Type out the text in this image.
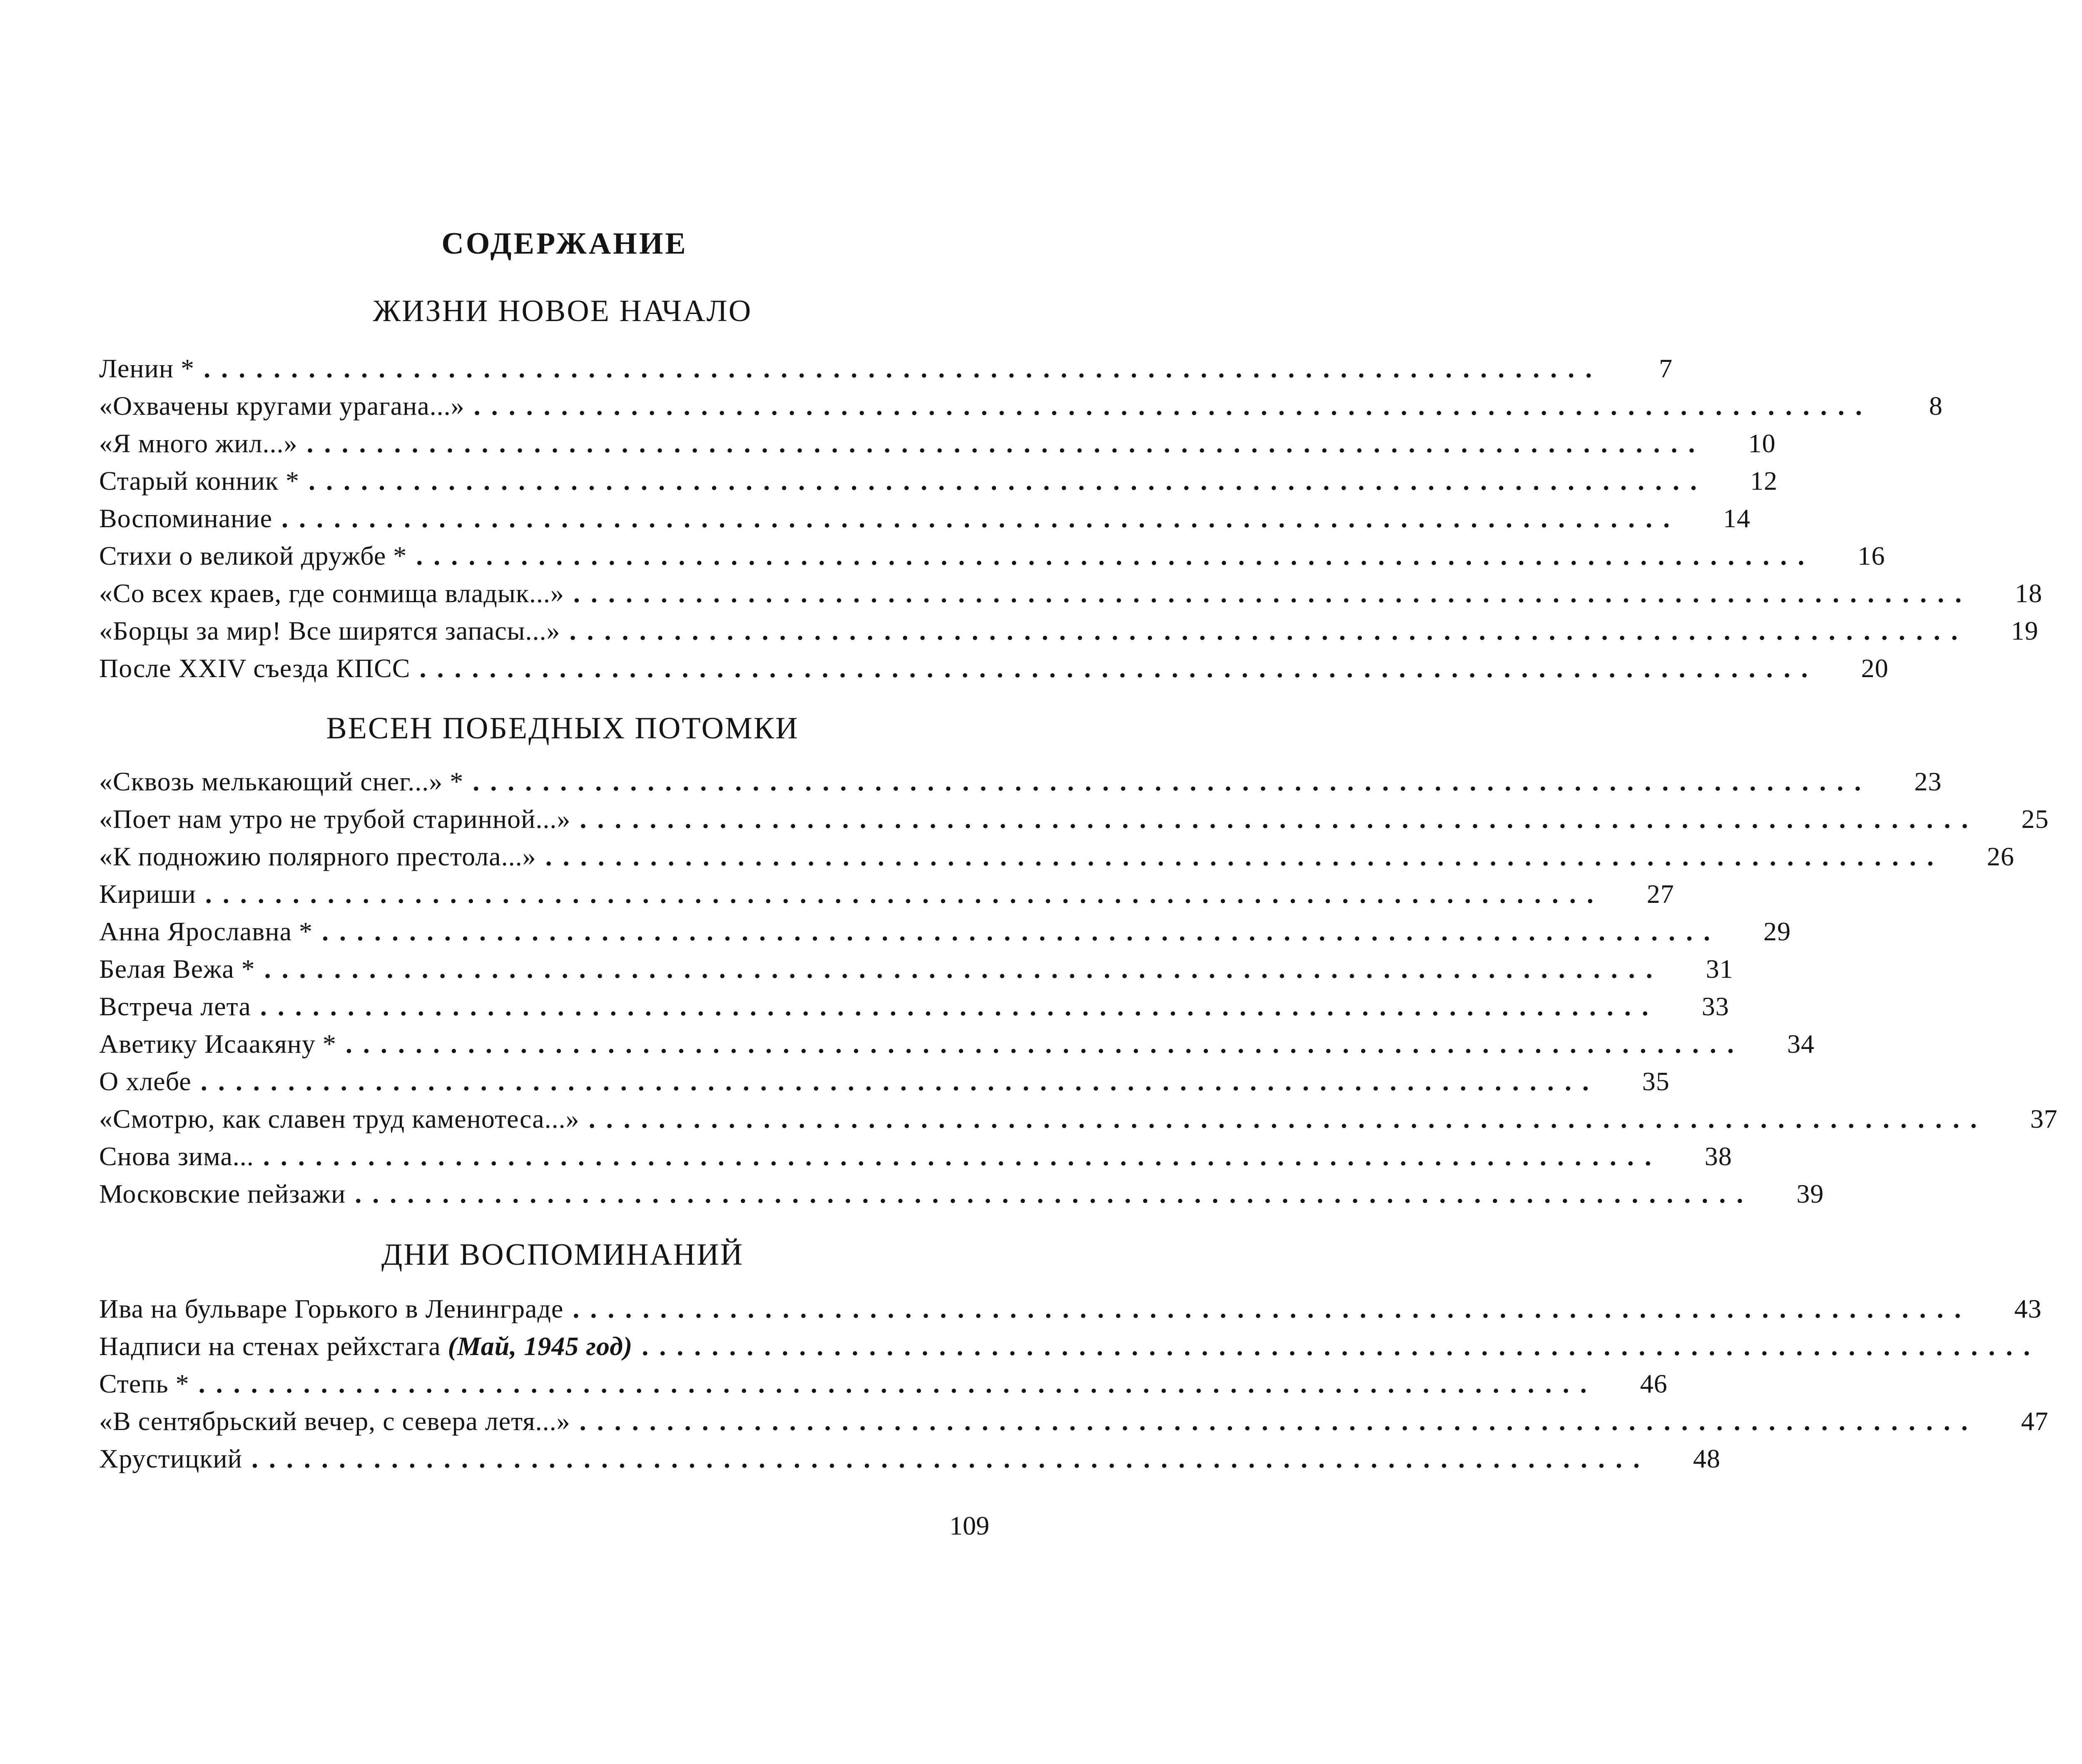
СОДЕРЖАНИЕ
ЖИЗНИ НОВОЕ НАЧАЛО
Ленин * ................................................................................	7
«Охвачены кругами урагана...» ................................................................................	8
«Я много жил...» ................................................................................	10
Старый конник * ................................................................................	12
Воспоминание ................................................................................	14
Стихи о великой дружбе * ................................................................................	16
«Со всех краев, где сонмища владык...» ................................................................................	18
«Борцы за мир! Все ширятся запасы...» ................................................................................	19
После XXIV съезда КПСС ................................................................................	20
ВЕСЕН ПОБЕДНЫХ ПОТОМКИ
«Сквозь мелькающий снег...» * ................................................................................	23
«Поет нам утро не трубой старинной...» ................................................................................	25
«К подножию полярного престола...» ................................................................................	26
Кириши ................................................................................	27
Анна Ярославна * ................................................................................	29
Белая Вежа * ................................................................................	31
Встреча лета ................................................................................	33
Аветику Исаакяну * ................................................................................	34
О хлебе ................................................................................	35
«Смотрю, как славен труд каменотеса...» ................................................................................	37
Снова зима... ................................................................................	38
Московские пейзажи ................................................................................	39
ДНИ ВОСПОМИНАНИЙ
Ива на бульваре Горького в Ленинграде ................................................................................	43
Надписи на стенах рейхстага (Май, 1945 год) ................................................................................
Степь * ................................................................................	46
«В сентябрьский вечер, с севера летя...» ................................................................................	47
Хрустицкий ................................................................................	48
109
